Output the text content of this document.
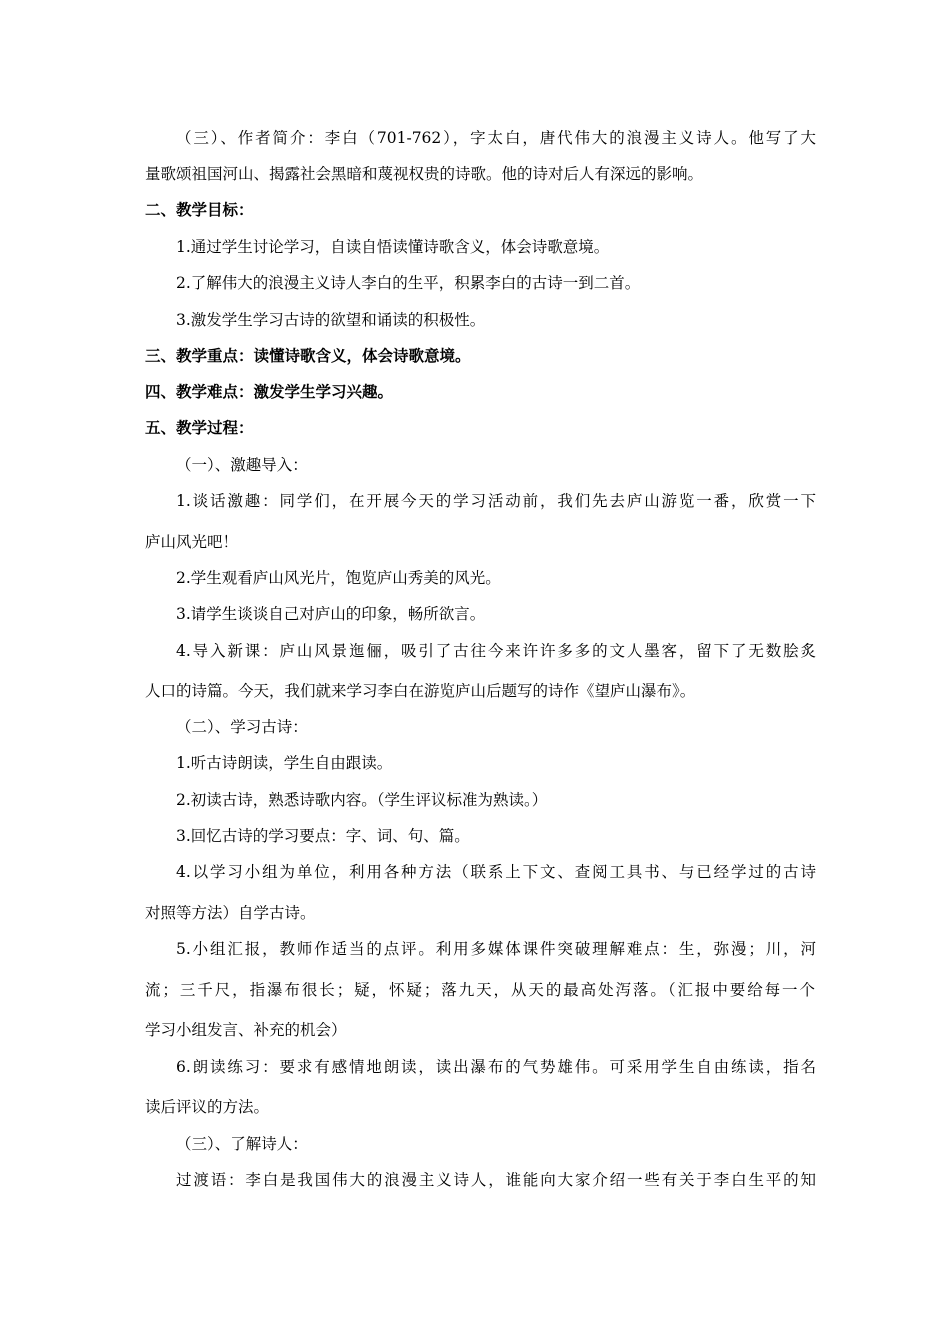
（三）、作者简介：李白（701-762），字太白，唐代伟大的浪漫主义诗人。他写了大
量歌颂祖国河山、揭露社会黑暗和蔑视权贵的诗歌。他的诗对后人有深远的影响。
二、教学目标：
1.通过学生讨论学习，自读自悟读懂诗歌含义，体会诗歌意境。
2.了解伟大的浪漫主义诗人李白的生平，积累李白的古诗一到二首。
3.激发学生学习古诗的欲望和诵读的积极性。
三、教学重点：读懂诗歌含义，体会诗歌意境。
四、教学难点：激发学生学习兴趣。
五、教学过程：
（一）、激趣导入：
1.谈话激趣：同学们，在开展今天的学习活动前，我们先去庐山游览一番，欣赏一下
庐山风光吧！
2.学生观看庐山风光片，饱览庐山秀美的风光。
3.请学生谈谈自己对庐山的印象，畅所欲言。
4.导入新课：庐山风景迤俪，吸引了古往今来许许多多的文人墨客，留下了无数脍炙
人口的诗篇。今天，我们就来学习李白在游览庐山后题写的诗作《望庐山瀑布》。
（二）、学习古诗：
1.听古诗朗读，学生自由跟读。
2.初读古诗，熟悉诗歌内容。（学生评议标准为熟读。）
3.回忆古诗的学习要点：字、词、句、篇。
4.以学习小组为单位，利用各种方法（联系上下文、查阅工具书、与已经学过的古诗
对照等方法）自学古诗。
5.小组汇报，教师作适当的点评。利用多媒体课件突破理解难点：生，弥漫；川，河
流；三千尺，指瀑布很长；疑，怀疑；落九天，从天的最高处泻落。（汇报中要给每一个
学习小组发言、补充的机会）
6.朗读练习：要求有感情地朗读，读出瀑布的气势雄伟。可采用学生自由练读，指名
读后评议的方法。
（三）、了解诗人：
过渡语：李白是我国伟大的浪漫主义诗人，谁能向大家介绍一些有关于李白生平的知
